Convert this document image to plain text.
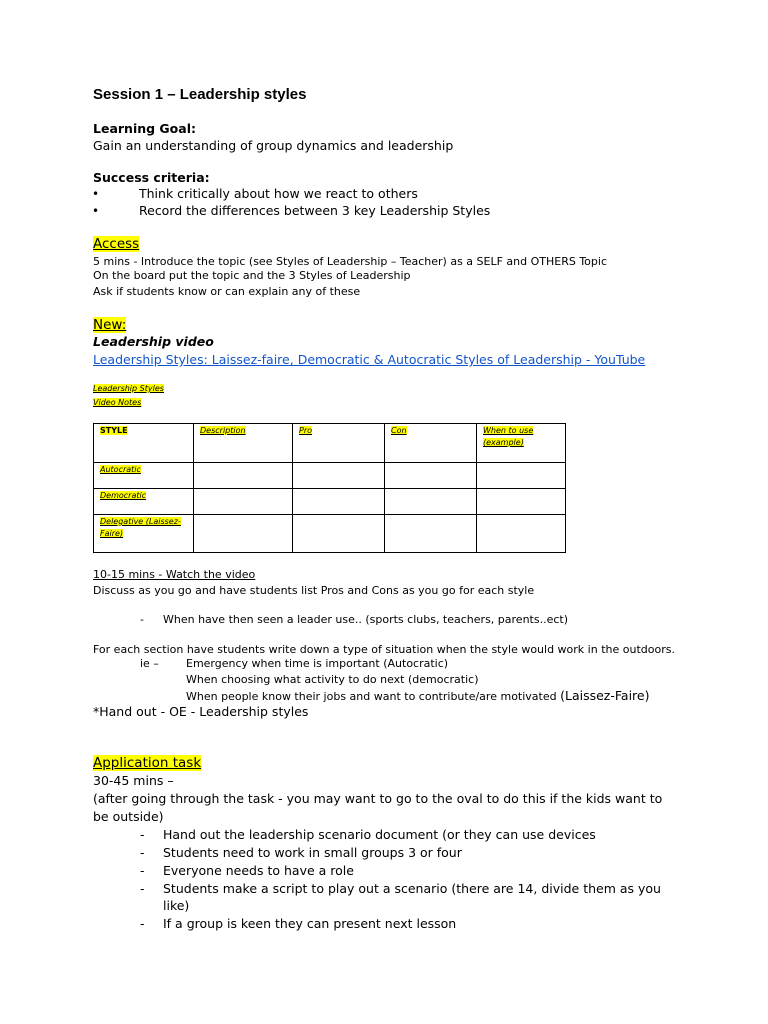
Session 1 – Leadership styles
Learning Goal:
Gain an understanding of group dynamics and leadership
Success criteria:
•	Think critically about how we react to others
•	Record the differences between 3 key Leadership Styles
Access
5 mins - Introduce the topic (see Styles of Leadership – Teacher) as a SELF and OTHERS Topic
On the board put the topic and the 3 Styles of Leadership
Ask if students know or can explain any of these
New:
Leadership video
Leadership Styles: Laissez-faire, Democratic & Autocratic Styles of Leadership - YouTube
Leadership Styles
Video Notes
STYLE	Description	Pro	Con	When to use (example)
Autocratic				
Democratic				
Delegative (Laissez-Faire)				
10-15 mins - Watch the video
Discuss as you go and have students list Pros and Cons as you go for each style
- When have then seen a leader use.. (sports clubs, teachers, parents..ect)
For each section have students write down a type of situation when the style would work in the outdoors.
ie – Emergency when time is important (Autocratic)
When choosing what activity to do next (democratic)
When people know their jobs and want to contribute/are motivated (Laissez-Faire)
*Hand out - OE - Leadership styles
Application task
30-45 mins –
(after going through the task - you may want to go to the oval to do this if the kids want to
be outside)
- Hand out the leadership scenario document (or they can use devices
- Students need to work in small groups 3 or four
- Everyone needs to have a role
- Students make a script to play out a scenario (there are 14, divide them as you
like)
- If a group is keen they can present next lesson
